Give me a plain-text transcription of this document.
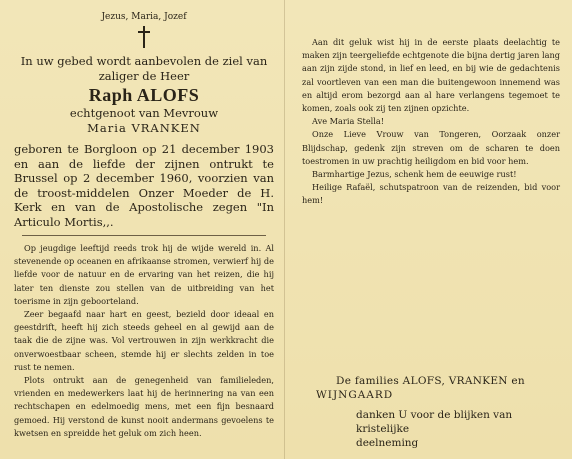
Jezus, Maria, Jozef
In uw gebed wordt aanbevolen de ziel van
zaliger de Heer
Raph ALOFS
echtgenoot van Mevrouw
Maria VRANKEN
geboren te Borgloon op 21 december 1903 en aan de liefde der zijnen ontrukt te Brussel op 2 december 1960, voorzien van de troost-middelen Onzer Moeder de H. Kerk en van de Apostolische zegen "In Articulo Mortis,,.

Op jeugdige leeftijd reeds trok hij de wijde wereld in. Al stevenende op oceanen en afrikaanse stromen, verwierf hij de liefde voor de natuur en de ervaring van het reizen, die hij later ten dienste zou stellen van de uitbreiding van het toerisme in zijn geboorteland.

Zeer begaafd naar hart en geest, bezield door ideaal en geestdrift, heeft hij zich steeds geheel en al gewijd aan de taak die de zijne was. Vol vertrouwen in zijn werkkracht die onverwoestbaar scheen, stemde hij er slechts zelden in toe rust te nemen.

Plots ontrukt aan de genegenheid van familieleden, vrienden en medewerkers laat hij de herinnering na van een rechtschapen en edelmoedig mens, met een fijn besnaard gemoed. Hij verstond de kunst nooit andermans gevoelens te kwetsen en spreidde het geluk om zich heen.

Aan dit geluk wist hij in de eerste plaats deelachtig te maken zijn teergeliefde echtgenote die bijna dertig jaren lang aan zijn zijde stond, in lief en leed, en bij wie de gedachtenis zal voortleven van een man die buitengewoon innemend was en altijd erom bezorgd aan al hare verlangens tegemoet te komen, zoals ook zij ten zijnen opzichte.

Ave Maria Stella!

Onze Lieve Vrouw van Tongeren, Oorzaak onzer Blijdschap, gedenk zijn streven om de scharen te doen toestromen in uw prachtig heiligdom en bid voor hem.

Barmhartige Jezus, schenk hem de eeuwige rust!

Heilige Rafaël, schutspatroon van de reizenden, bid voor hem!

De families ALOFS, VRANKEN en
WIJNGAARD
danken U voor de blijken van kristelijke
deelneming
